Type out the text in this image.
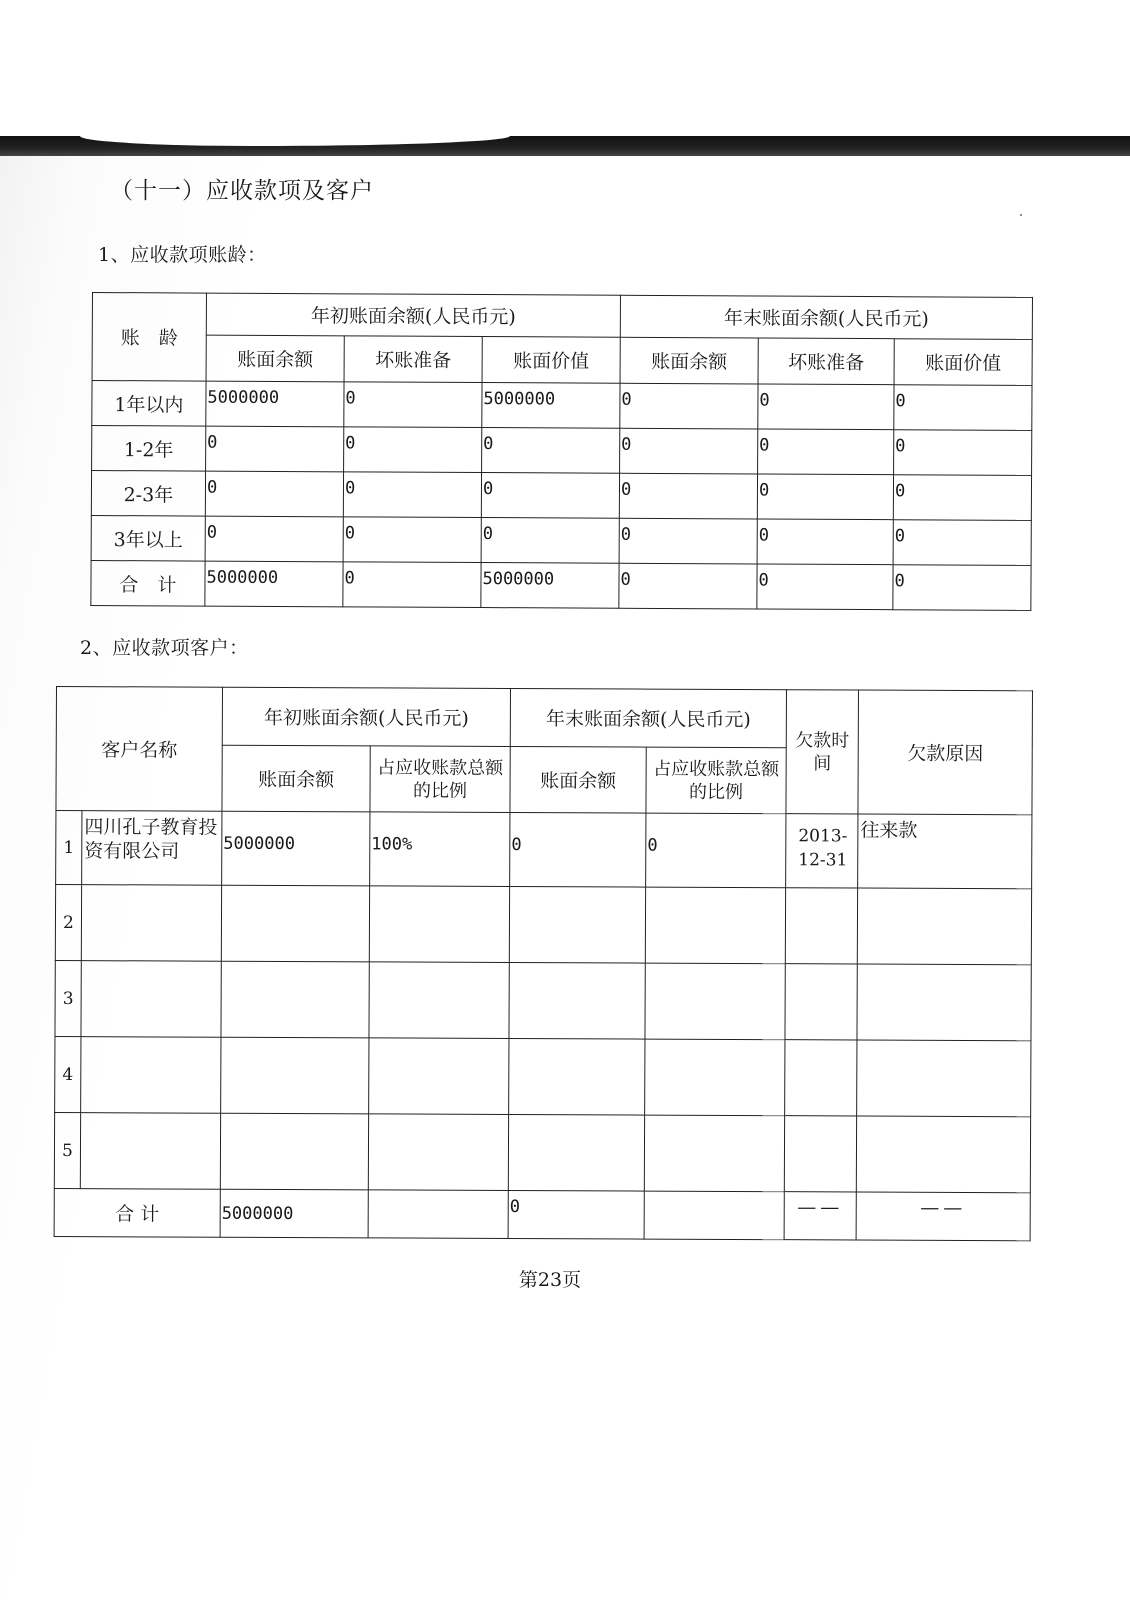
（十一）应收款项及客户
1、应收款项账龄：
账　龄	年初账面余额(人民币元)			年末账面余额(人民币元)		
	账面余额	坏账准备	账面价值	账面余额	坏账准备	账面价值
1年以内	5000000	0	5000000	0	0	0
1-2年	0	0	0	0	0	0
2-3年	0	0	0	0	0	0
3年以上	0	0	0	0	0	0
合　计	5000000	0	5000000	0	0	0
2、应收款项客户：
客户名称		年初账面余额(人民币元)		年末账面余额(人民币元)		欠款时间	欠款原因
		账面余额	占应收账款总额的比例	账面余额	占应收账款总额的比例		
1	四川孔子教育投资有限公司	5000000	100%	0	0	2013-12-31	往来款
2							
3							
4							
5							
合 计		5000000		0		——	——
第23页
